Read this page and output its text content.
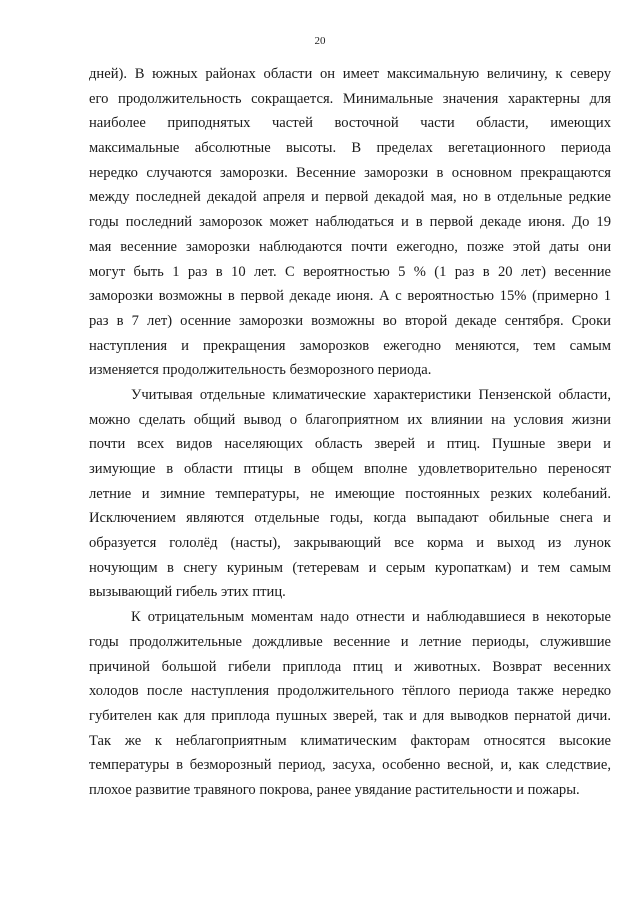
20
дней). В южных районах области он имеет максимальную величину, к северу
его продолжительность сокращается. Минимальные значения характерны для
наиболее приподнятых частей восточной части области, имеющих
максимальные абсолютные высоты. В пределах вегетационного периода
нередко случаются заморозки. Весенние заморозки в основном прекращаются
между последней декадой апреля и первой декадой мая, но в отдельные редкие
годы последний заморозок может наблюдаться и в первой декаде июня. До 19
мая весенние заморозки наблюдаются почти ежегодно, позже этой даты они
могут быть 1 раз в 10 лет. С вероятностью 5 % (1 раз в 20 лет) весенние
заморозки возможны в первой декаде июня. А с вероятностью 15% (примерно 1
раз в 7 лет) осенние заморозки возможны во второй декаде сентября. Сроки
наступления и прекращения заморозков ежегодно меняются, тем самым
изменяется продолжительность безморозного периода.
Учитывая отдельные климатические характеристики Пензенской области,
можно сделать общий вывод о благоприятном их влиянии на условия жизни
почти всех видов населяющих область зверей и птиц. Пушные звери и
зимующие в области птицы в общем вполне удовлетворительно переносят
летние и зимние температуры, не имеющие постоянных резких колебаний.
Исключением являются отдельные годы, когда выпадают обильные снега и
образуется гололёд (насты), закрывающий все корма и выход из лунок
ночующим в снегу куриным (тетеревам и серым куропаткам) и тем самым
вызывающий гибель этих птиц.
К отрицательным моментам надо отнести и наблюдавшиеся в некоторые
годы продолжительные дождливые весенние и летние периоды, служившие
причиной большой гибели приплода птиц и животных. Возврат весенних
холодов после наступления продолжительного тёплого периода также нередко
губителен как для приплода пушных зверей, так и для выводков пернатой дичи.
Так же к неблагоприятным климатическим факторам относятся высокие
температуры в безморозный период, засуха, особенно весной, и, как следствие,
плохое развитие травяного покрова, ранее увядание растительности и пожары.
